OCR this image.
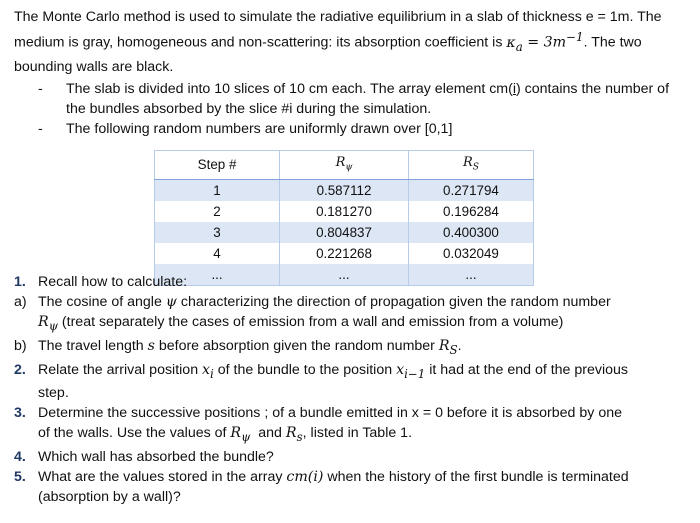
The Monte Carlo method is used to simulate the radiative equilibrium in a slab of thickness e = 1m. The
medium is gray, homogeneous and non-scattering: its absorption coefficient is $\kappa_a = 3m^{-1}$. The two
bounding walls are black.
-	The slab is divided into 10 slices of 10 cm each. The array element cm(i) contains the number of the bundles absorbed by the slice #i during the simulation.
-	The following random numbers are uniformly drawn over [0,1]
Step #	$R_\psi$	$R_S$
1	0.587112	0.271794
2	0.181270	0.196284
3	0.804837	0.400300
4	0.221268	0.032049
...	...	...
1. Recall how to calculate:
a) The cosine of angle ψ characterizing the direction of propagation given the random number
$R_\psi$ (treat separately the cases of emission from a wall and emission from a volume)
b) The travel length s before absorption given the random number $R_S$.
2. Relate the arrival position $x_i$ of the bundle to the position $x_{i-1}$ it had at the end of the previous
step.
3. Determine the successive positions ; of a bundle emitted in x = 0 before it is absorbed by one
of the walls. Use the values of $R_\psi$  and $R_s$, listed in Table 1.
4. Which wall has absorbed the bundle?
5. What are the values stored in the array cm(i) when the history of the first bundle is terminated
(absorption by a wall)?
